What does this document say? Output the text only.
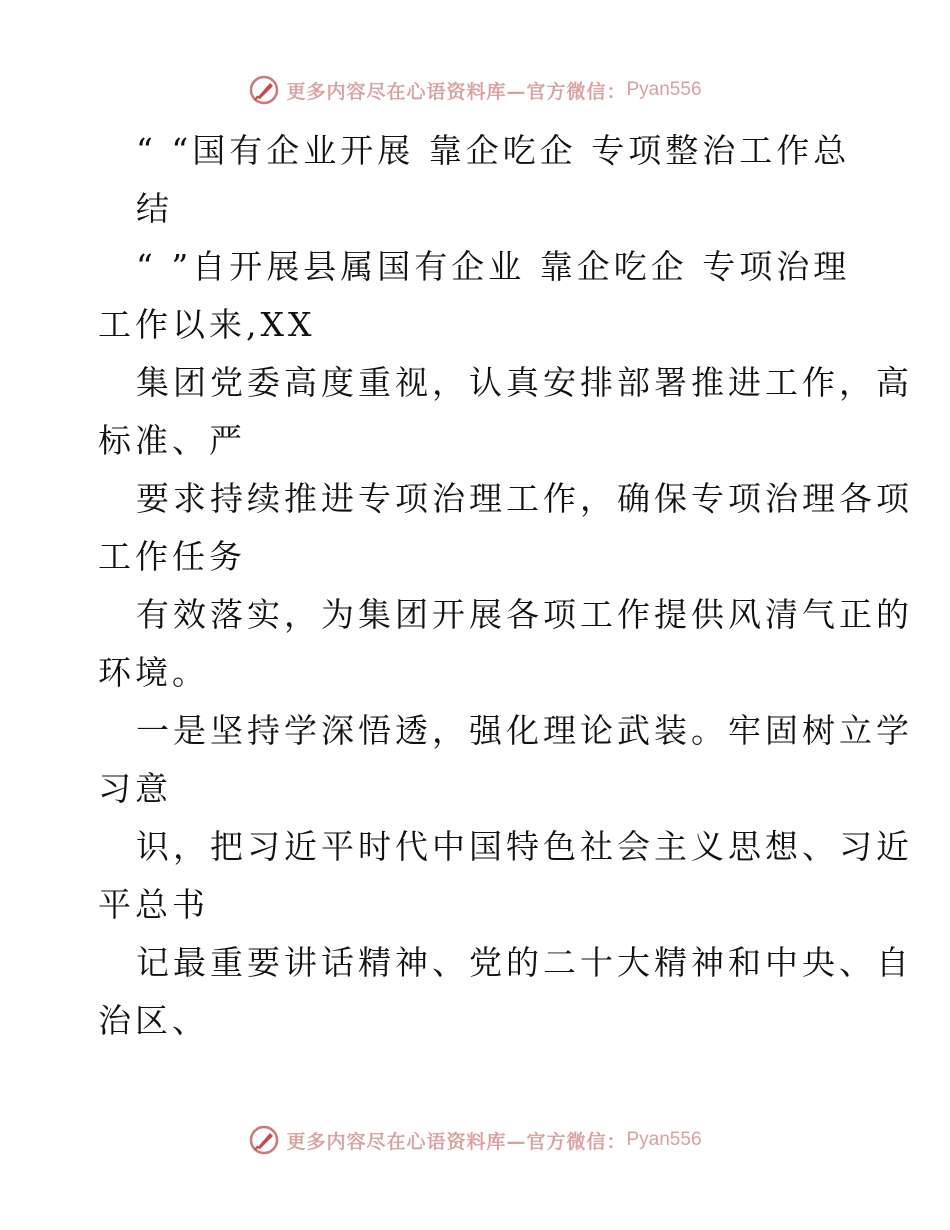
更多内容尽在心语资料库— 官方微信： Pyan556
“ “国有企业开展 靠企吃企 专项整治工作总
结
“ ”自开展县属国有企业 靠企吃企 专项治理
工作以来,XX
集团党委高度重视，认真安排部署推进工作，高
标准、严
要求持续推进专项治理工作，确保专项治理各项
工作任务
有效落实，为集团开展各项工作提供风清气正的
环境。
一是坚持学深悟透，强化理论武装。牢固树立学
习意
识，把习近平时代中国特色社会主义思想、习近
平总书
记最重要讲话精神、党的二十大精神和中央、自
治区、
更多内容尽在心语资料库— 官方微信： Pyan556
